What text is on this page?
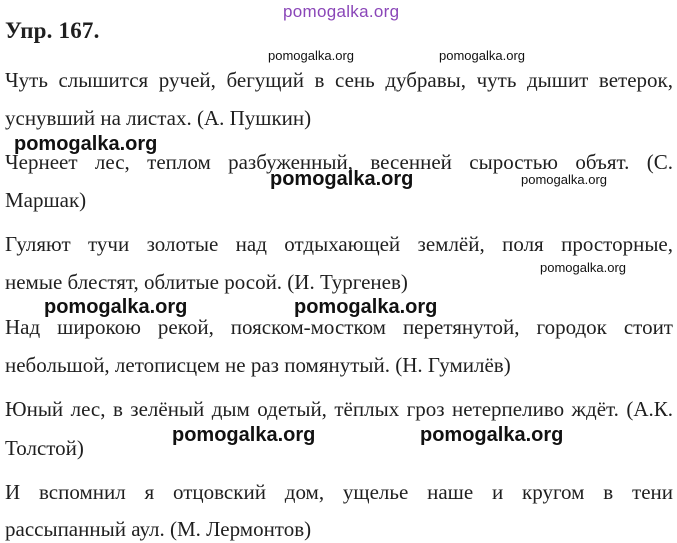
pomogalka.org
Упр. 167.
pomogalka.org	pomogalka.org
Чуть слышится ручей, бегущий в сень дубравы, чуть дышит ветерок,
уснувший на листах. (А. Пушкин)
pomogalka.org
Чернеет лес, теплом разбуженный, весенней сыростью объят. (С.
pomogalka.org	pomogalka.org
Маршак)
Гуляют тучи золотые над отдыхающей землёй, поля просторные,
pomogalka.org
немые блестят, облитые росой. (И. Тургенев)
pomogalka.org	pomogalka.org
Над широкою рекой, пояском-мостком перетянутой, городок стоит
небольшой, летописцем не раз помянутый. (Н. Гумилёв)
Юный лес, в зелёный дым одетый, тёплых гроз нетерпеливо ждёт. (А.К.
pomogalka.org	pomogalka.org
Толстой)
И вспомнил я отцовский дом, ущелье наше и кругом в тени
рассыпанный аул. (М. Лермонтов)
